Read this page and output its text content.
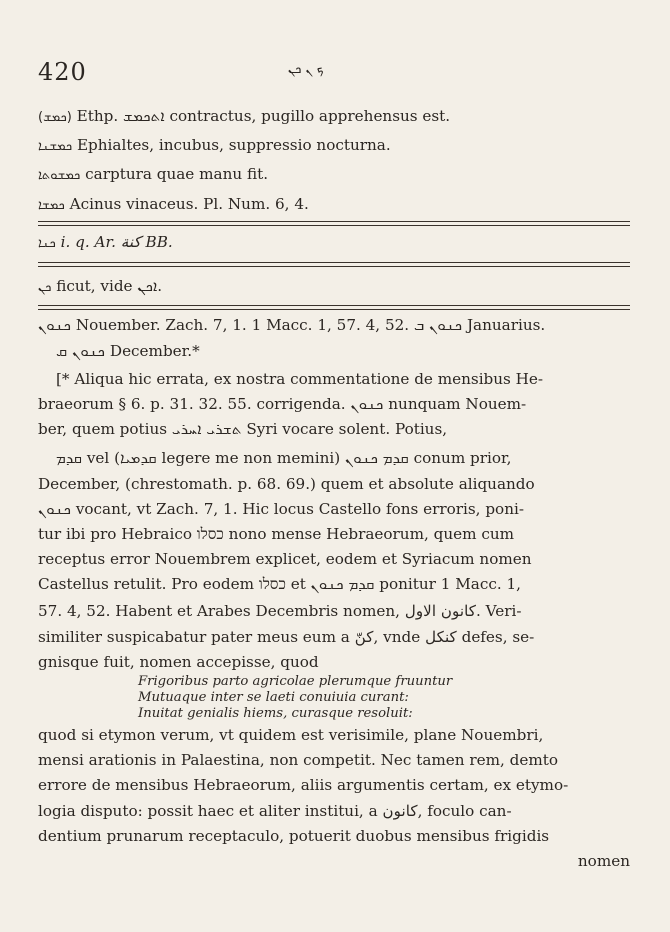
420	ܟ ܢ ܟܢ
(ܟܡܫ) Ethp. ܐܬܟܡܫ contractus, pugillo apprehensus est.
ܟܡܫܢܐ Ephialtes, incubus, suppressio nocturna.
ܟܡܫܘܬܐ carptura quae manu fit.
ܟܡܫܐ Acinus vinaceus. Pl. Num. 6, 4.
ܟܢܐ i. q. Ar. كنة BB.
ܟܢ ficut, vide ܐܟܢ.
ܟܢܘܢ Nouember. Zach. 7, 1. 1 Macc. 1, 57. 4, 52. ܟܢܘܢ ܒ Januarius.
ܟܢܘܢ ܩ December.*
[* Aliqua hic errata, ex nostra commentatione de mensibus He-
braeorum § 6. p. 31. 32. 55. corrigenda. ܟܢܘܢ nunquam Nouem-
ber, quem potius ܬܫܪܝ ܐܚܪܝ Syri vocare solent. Potius,
ܩܕܡ vel (ܩܕܡܝܐ legere me non memini) ܩܕܡ ܟܢܘܢ conum prior,
December, (chrestomath. p. 68. 69.) quem et absolute aliquando
ܟܢܘܢ vocant, vt Zach. 7, 1. Hic locus Castello fons erroris, poni-
tur ibi pro Hebraico כסלו nono mense Hebraeorum, quem cum
receptus error Nouembrem explicet, eodem et Syriacum nomen
Castellus retulit. Pro eodem כסלו et ܩܕܡ ܟܢܘܢ ponitur 1 Macc. 1,
57. 4, 52. Habent et Arabes Decembris nomen, كانون الاول. Veri-
similiter suspicabatur pater meus eum a كنّ, vnde كنكل defes, se-
gnisque fuit, nomen accepisse, quod
Frigoribus parto agricolae plerumque fruuntur
Mutuaque inter se laeti conuiuia curant:
Inuitat genialis hiems, curasque resoluit:
quod si etymon verum, vt quidem est verisimile, plane Nouembri,
mensi arationis in Palaestina, non competit. Nec tamen rem, demto
errore de mensibus Hebraeorum, aliis argumentis certam, ex etymo-
logia disputo: possit haec et aliter institui, a كانون, foculo can-
dentium prunarum receptaculo, potuerit duobus mensibus frigidis
nomen
